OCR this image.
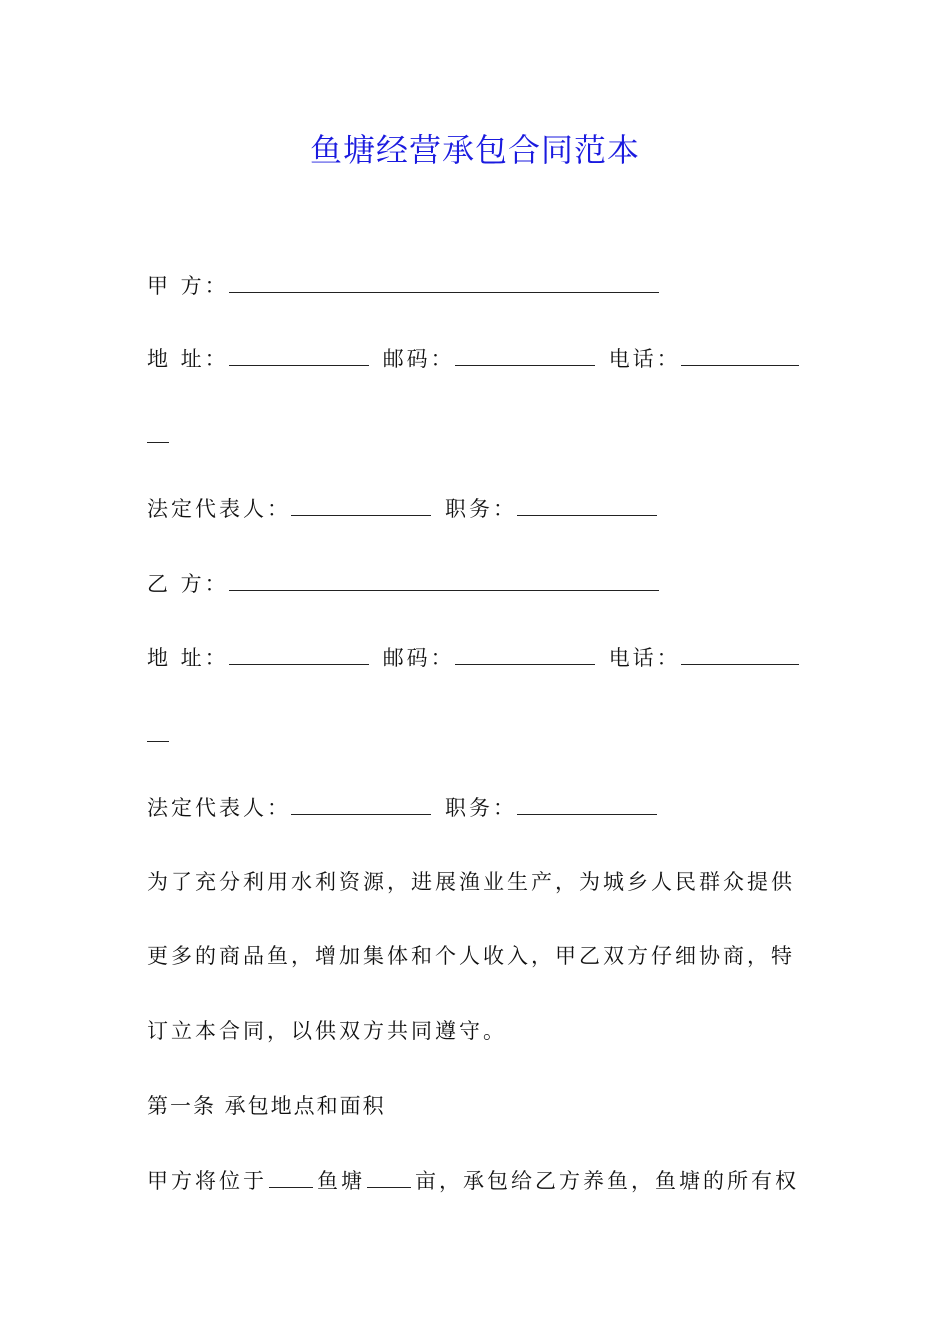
鱼塘经营承包合同范本
甲 方：
地 址：	邮码：	电话：
法定代表人：	职务：
乙 方：
地 址：	邮码：	电话：
法定代表人：	职务：
为了充分利用水利资源，进展渔业生产，为城乡人民群众提供
更多的商品鱼，增加集体和个人收入，甲乙双方仔细协商，特
订立本合同，以供双方共同遵守。
第一条 承包地点和面积
甲方将位于 鱼塘 亩，承包给乙方养鱼，鱼塘的所有权
